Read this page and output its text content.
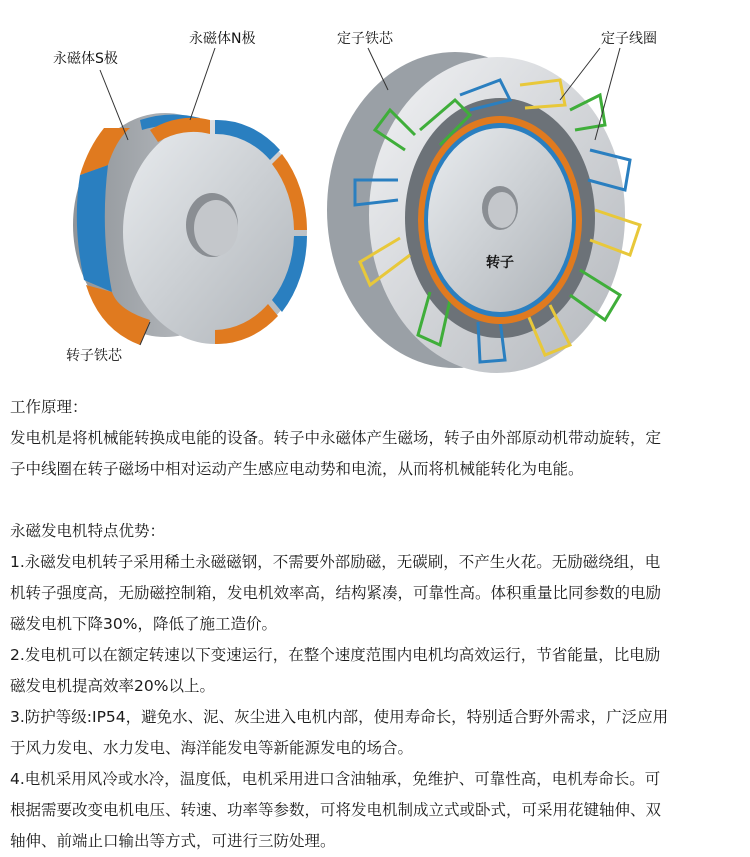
永磁体S极
永磁体N极
转子铁芯
定子铁芯	定子线圈
转子

工作原理：

发电机是将机械能转换成电能的设备。转子中永磁体产生磁场，转子由外部原动机带动旋转，定

子中线圈在转子磁场中相对运动产生感应电动势和电流，从而将机械能转化为电能。

永磁发电机特点优势：

1.永磁发电机转子采用稀土永磁磁钢，不需要外部励磁，无碳刷，不产生火花。无励磁绕组，电

机转子强度高，无励磁控制箱，发电机效率高，结构紧凑，可靠性高。体积重量比同参数的电励

磁发电机下降30%，降低了施工造价。

2.发电机可以在额定转速以下变速运行，在整个速度范围内电机均高效运行，节省能量，比电励

磁发电机提高效率20%以上。

3.防护等级:IP54，避免水、泥、灰尘进入电机内部，使用寿命长，特别适合野外需求，广泛应用

于风力发电、水力发电、海洋能发电等新能源发电的场合。

4.电机采用风冷或水冷，温度低，电机采用进口含油轴承，免维护、可靠性高，电机寿命长。可

根据需要改变电机电压、转速、功率等参数，可将发电机制成立式或卧式，可采用花键轴伸、双

轴伸、前端止口输出等方式，可进行三防处理。
